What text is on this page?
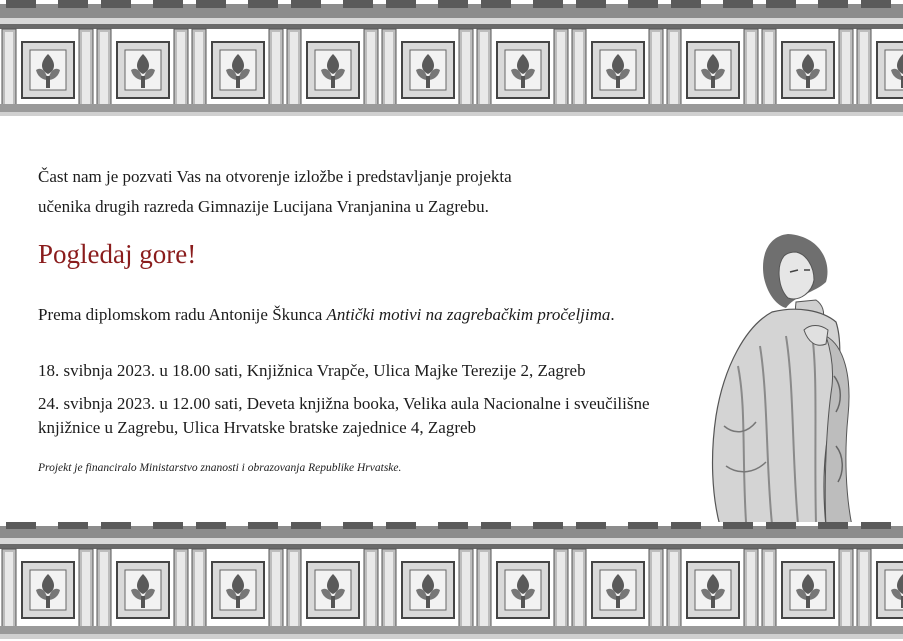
Čast nam je pozvati Vas na otvorenje izložbe i predstavljanje projekta
učenika drugih razreda Gimnazije Lucijana Vranjanina u Zagrebu.
Pogledaj gore!

Prema diplomskom radu Antonije Škunca Antički motivi na zagrebačkim pročeljima.

18. svibnja 2023. u 18.00 sati, Knjižnica Vrapče, Ulica Majke Terezije 2, Zagreb

24. svibnja 2023. u 12.00 sati, Deveta knjižna booka, Velika aula Nacionalne i sveučilišne knjižnice u Zagrebu, Ulica Hrvatske bratske zajednice 4, Zagreb

Projekt je financiralo Ministarstvo znanosti i obrazovanja Republike Hrvatske.
